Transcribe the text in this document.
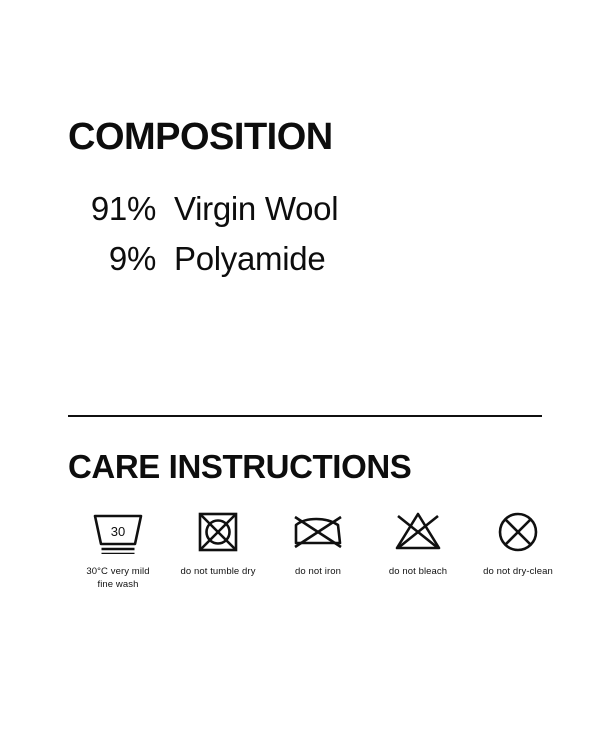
COMPOSITION
91%	Virgin Wool
9%	Polyamide
CARE INSTRUCTIONS
30
30°C very mild
fine wash
do not tumble dry	do not iron	do not bleach	do not dry-clean
